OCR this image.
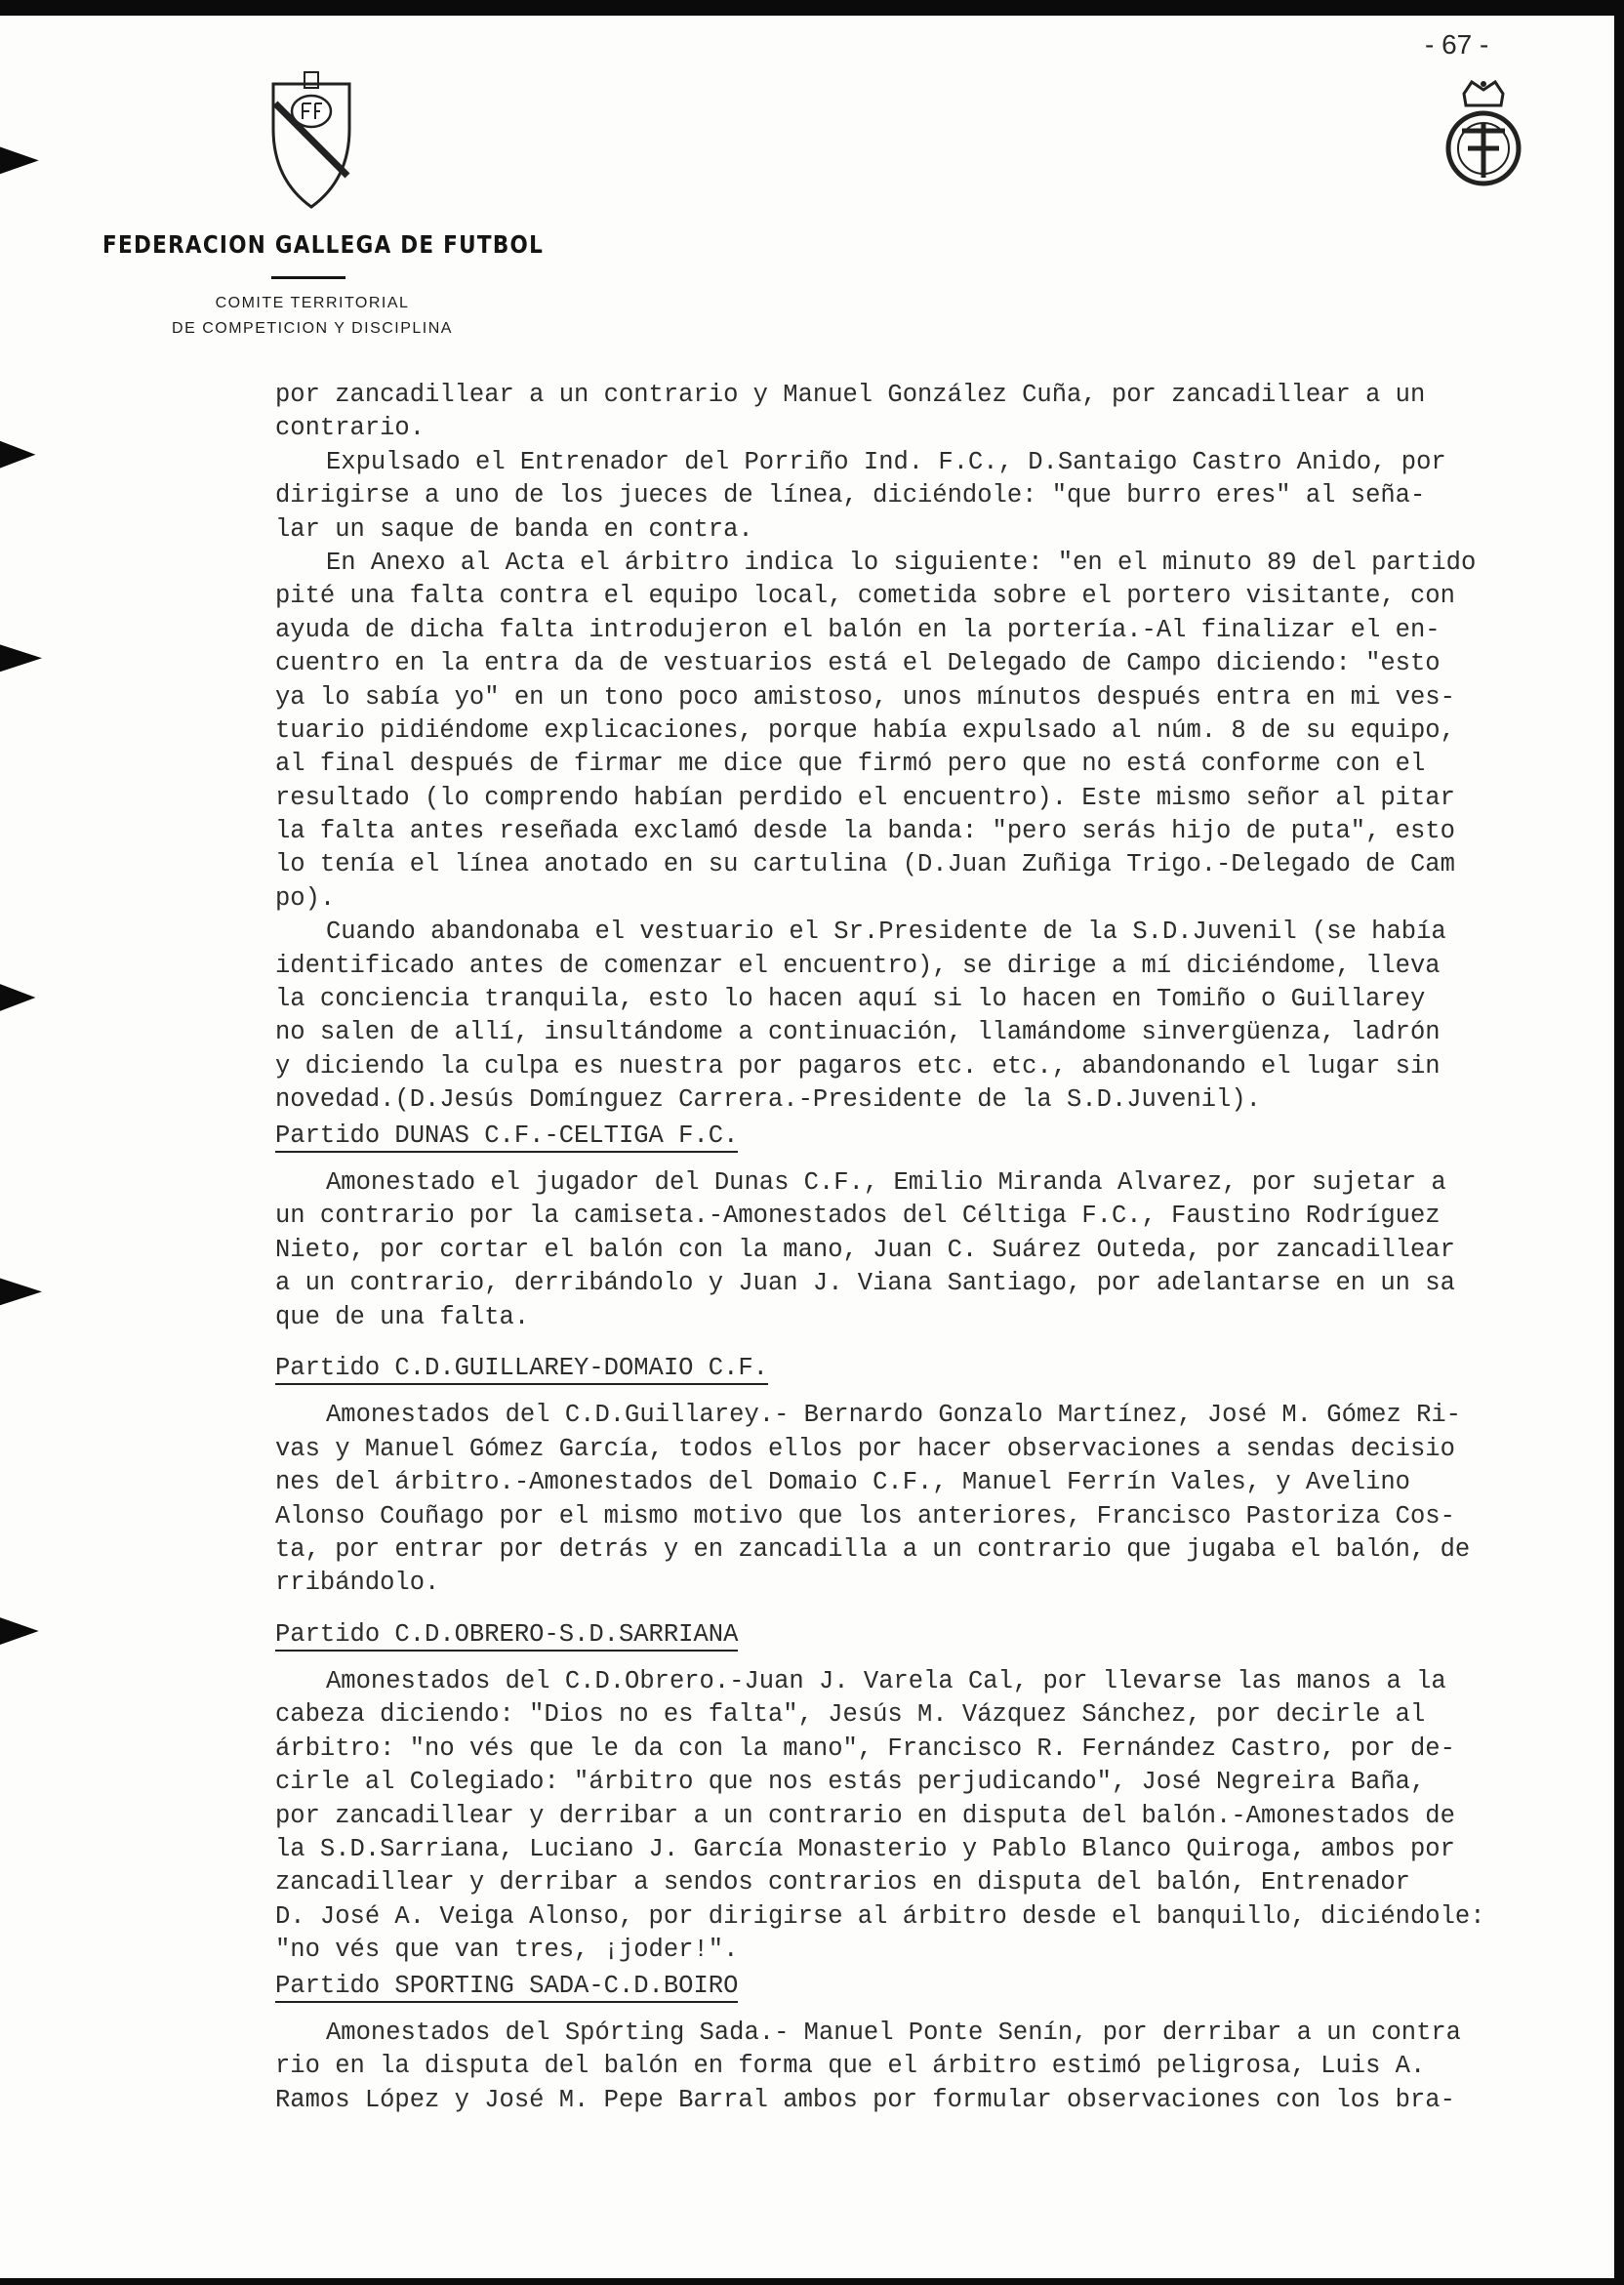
- 67 -
FEDERACION GALLEGA DE FUTBOL
COMITE TERRITORIAL
DE COMPETICION Y DISCIPLINA
por zancadillear a un contrario y Manuel González Cuña, por zancadillear a un
contrario.
Expulsado el Entrenador del Porriño Ind. F.C., D.Santaigo Castro Anido, por
dirigirse a uno de los jueces de línea, diciéndole: "que burro eres" al seña-
lar un saque de banda en contra.
En Anexo al Acta el árbitro indica lo siguiente: "en el minuto 89 del partido
pité una falta contra el equipo local, cometida sobre el portero visitante, con
ayuda de dicha falta introdujeron el balón en la portería.-Al finalizar el en-
cuentro en la entra da de vestuarios está el Delegado de Campo diciendo: "esto
ya lo sabía yo" en un tono poco amistoso, unos mínutos después entra en mi ves-
tuario pidiéndome explicaciones, porque había expulsado al núm. 8 de su equipo,
al final después de firmar me dice que firmó pero que no está conforme con el
resultado (lo comprendo habían perdido el encuentro). Este mismo señor al pitar
la falta antes reseñada exclamó desde la banda: "pero serás hijo de puta", esto
lo tenía el línea anotado en su cartulina (D.Juan Zuñiga Trigo.-Delegado de Cam
po).
Cuando abandonaba el vestuario el Sr.Presidente de la S.D.Juvenil (se había
identificado antes de comenzar el encuentro), se dirige a mí diciéndome, lleva
la conciencia tranquila, esto lo hacen aquí si lo hacen en Tomiño o Guillarey
no salen de allí, insultándome a continuación, llamándome sinvergüenza, ladrón
y diciendo la culpa es nuestra por pagaros etc. etc., abandonando el lugar sin
novedad.(D.Jesús Domínguez Carrera.-Presidente de la S.D.Juvenil).
Partido DUNAS C.F.-CELTIGA F.C.
Amonestado el jugador del Dunas C.F., Emilio Miranda Alvarez, por sujetar a
un contrario por la camiseta.-Amonestados del Céltiga F.C., Faustino Rodríguez
Nieto, por cortar el balón con la mano, Juan C. Suárez Outeda, por zancadillear
a un contrario, derribándolo y Juan J. Viana Santiago, por adelantarse en un sa
que de una falta.
Partido C.D.GUILLAREY-DOMAIO C.F.
Amonestados del C.D.Guillarey.- Bernardo Gonzalo Martínez, José M. Gómez Ri-
vas y Manuel Gómez García, todos ellos por hacer observaciones a sendas decisio
nes del árbitro.-Amonestados del Domaio C.F., Manuel Ferrín Vales, y Avelino
Alonso Couñago por el mismo motivo que los anteriores, Francisco Pastoriza Cos-
ta, por entrar por detrás y en zancadilla a un contrario que jugaba el balón, de
rribándolo.
Partido C.D.OBRERO-S.D.SARRIANA
Amonestados del C.D.Obrero.-Juan J. Varela Cal, por llevarse las manos a la
cabeza diciendo: "Dios no es falta", Jesús M. Vázquez Sánchez, por decirle al
árbitro: "no vés que le da con la mano", Francisco R. Fernández Castro, por de-
cirle al Colegiado: "árbitro que nos estás perjudicando", José Negreira Baña,
por zancadillear y derribar a un contrario en disputa del balón.-Amonestados de
la S.D.Sarriana, Luciano J. García Monasterio y Pablo Blanco Quiroga, ambos por
zancadillear y derribar a sendos contrarios en disputa del balón, Entrenador
D. José A. Veiga Alonso, por dirigirse al árbitro desde el banquillo, diciéndole:
"no vés que van tres, ¡joder!".
Partido SPORTING SADA-C.D.BOIRO
Amonestados del Spórting Sada.- Manuel Ponte Senín, por derribar a un contra
rio en la disputa del balón en forma que el árbitro estimó peligrosa, Luis A.
Ramos López y José M. Pepe Barral ambos por formular observaciones con los bra-
